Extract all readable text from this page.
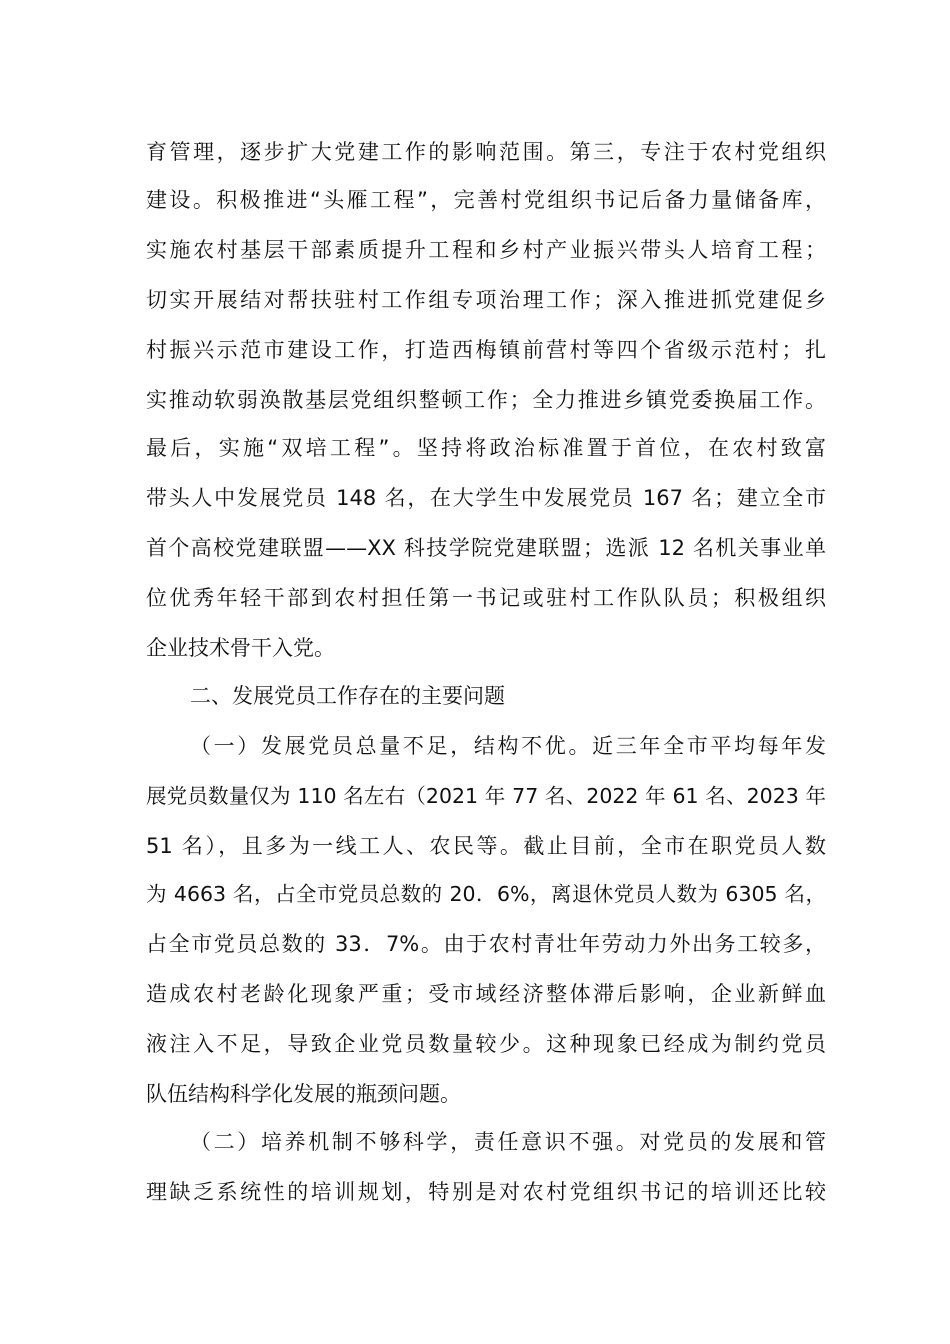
育管理，逐步扩大党建工作的影响范围。第三，专注于农村党组织
建设。积极推进“头雁工程”，完善村党组织书记后备力量储备库，
实施农村基层干部素质提升工程和乡村产业振兴带头人培育工程；
切实开展结对帮扶驻村工作组专项治理工作；深入推进抓党建促乡
村振兴示范市建设工作，打造西梅镇前营村等四个省级示范村；扎
实推动软弱涣散基层党组织整顿工作；全力推进乡镇党委换届工作。
最后，实施“双培工程”。坚持将政治标准置于首位，在农村致富
带头人中发展党员 148 名，在大学生中发展党员 167 名；建立全市
首个高校党建联盟——XX 科技学院党建联盟；选派 12 名机关事业单
位优秀年轻干部到农村担任第一书记或驻村工作队队员；积极组织
企业技术骨干入党。
二、发展党员工作存在的主要问题
（一）发展党员总量不足，结构不优。近三年全市平均每年发
展党员数量仅为 110 名左右（2021 年 77 名、2022 年 61 名、2023 年
51 名），且多为一线工人、农民等。截止目前，全市在职党员人数
为 4663 名，占全市党员总数的 20．6%，离退休党员人数为 6305 名，
占全市党员总数的 33．7%。由于农村青壮年劳动力外出务工较多，
造成农村老龄化现象严重；受市域经济整体滞后影响，企业新鲜血
液注入不足，导致企业党员数量较少。这种现象已经成为制约党员
队伍结构科学化发展的瓶颈问题。
（二）培养机制不够科学，责任意识不强。对党员的发展和管
理缺乏系统性的培训规划，特别是对农村党组织书记的培训还比较
